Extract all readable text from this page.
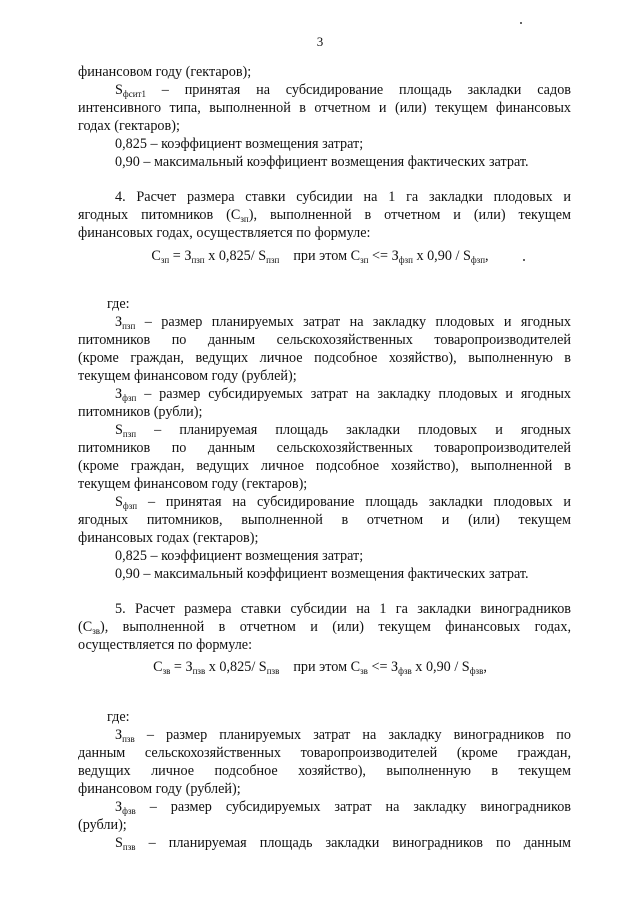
3
финансовом году (гектаров);
$S_{фсит1}$ – принятая на субсидирование площадь закладки садов
интенсивного типа, выполненной в отчетном и (или) текущем финансовых
годах (гектаров);
0,825 – коэффициент возмещения затрат;
0,90 – максимальный коэффициент возмещения фактических затрат.
4. Расчет размера ставки субсидии на 1 га закладки плодовых и
ягодных питомников $(С_{зп})$, выполненной в отчетном и (или) текущем
финансовых годах, осуществляется по формуле:
где:
$З_{пзп}$ – размер планируемых затрат на закладку плодовых и ягодных
питомников по данным сельскохозяйственных товаропроизводителей
(кроме граждан, ведущих личное подсобное хозяйство), выполненную в
текущем финансовом году (рублей);
$З_{фзп}$ – размер субсидируемых затрат на закладку плодовых и ягодных
питомников (рубли);
$S_{пзп}$ – планируемая площадь закладки плодовых и ягодных
питомников по данным сельскохозяйственных товаропроизводителей
(кроме граждан, ведущих личное подсобное хозяйство), выполненной в
текущем финансовом году (гектаров);
$S_{фзп}$ – принятая на субсидирование площадь закладки плодовых и
ягодных питомников, выполненной в отчетном и (или) текущем
финансовых годах (гектаров);
0,825 – коэффициент возмещения затрат;
0,90 – максимальный коэффициент возмещения фактических затрат.
5. Расчет размера ставки субсидии на 1 га закладки виноградников
$(С_{зв})$, выполненной в отчетном и (или) текущем финансовых годах,
осуществляется по формуле:
где:
$З_{пзв}$ – размер планируемых затрат на закладку виноградников по
данным сельскохозяйственных товаропроизводителей (кроме граждан,
ведущих личное подсобное хозяйство), выполненную в текущем
финансовом году (рублей);
$З_{фзв}$ – размер субсидируемых затрат на закладку виноградников
(рубли);
$S_{пзв}$ – планируемая площадь закладки виноградников по данным
$С_{зп} = З_{пзп}$ х 0,825/ $S_{пзп}$ при этом $С_{зп} <= З_{фзп}$ х $0,90 / S_{фзп}$,
$С_{зв} = З_{пзв}$ х 0,825/ $S_{пзв}$ при этом $С_{зв} <= З_{фзв}$ х $0,90 / S_{фзв}$,
